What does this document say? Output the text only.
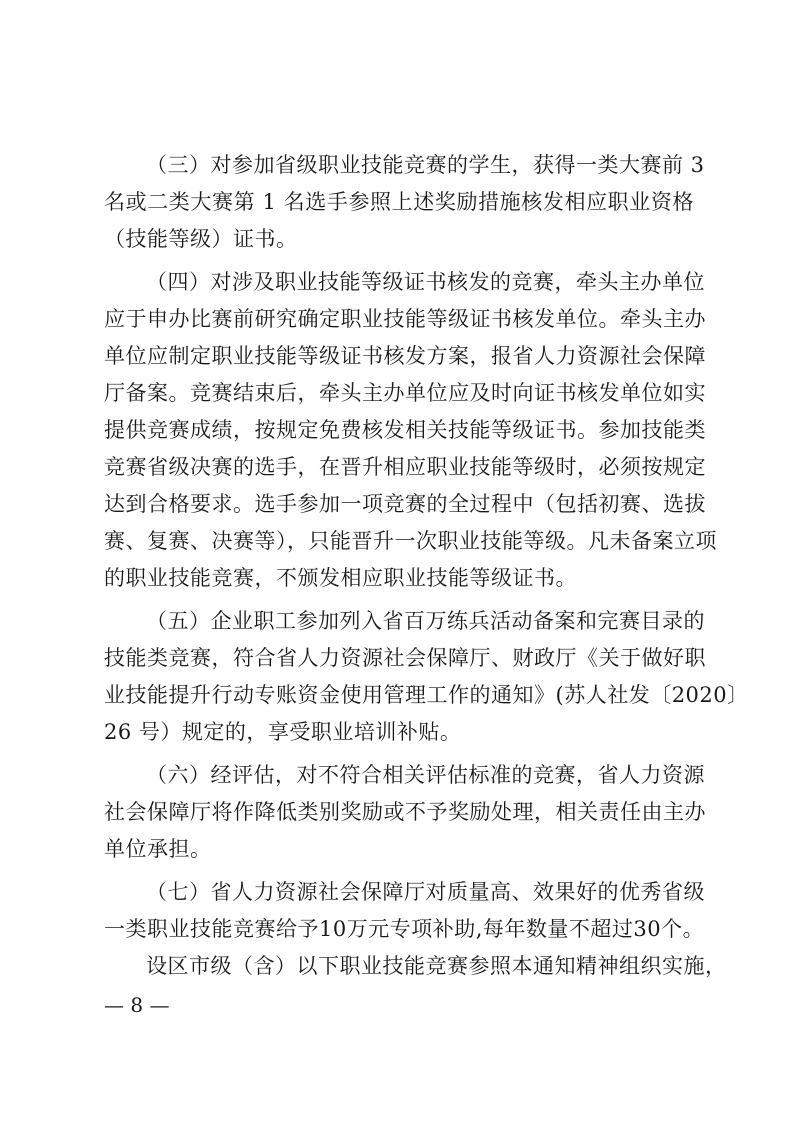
（三）对参加省级职业技能竞赛的学生，获得一类大赛前 3
名或二类大赛第 1 名选手参照上述奖励措施核发相应职业资格
（技能等级）证书。
（四）对涉及职业技能等级证书核发的竞赛，牵头主办单位
应于申办比赛前研究确定职业技能等级证书核发单位。牵头主办
单位应制定职业技能等级证书核发方案，报省人力资源社会保障
厅备案。竞赛结束后，牵头主办单位应及时向证书核发单位如实
提供竞赛成绩，按规定免费核发相关技能等级证书。参加技能类
竞赛省级决赛的选手，在晋升相应职业技能等级时，必须按规定
达到合格要求。选手参加一项竞赛的全过程中（包括初赛、选拔
赛、复赛、决赛等），只能晋升一次职业技能等级。凡未备案立项
的职业技能竞赛，不颁发相应职业技能等级证书。
（五）企业职工参加列入省百万练兵活动备案和完赛目录的
技能类竞赛，符合省人力资源社会保障厅、财政厅《关于做好职
业技能提升行动专账资金使用管理工作的通知》(苏人社发〔2020〕
26 号）规定的，享受职业培训补贴。
（六）经评估，对不符合相关评估标准的竞赛，省人力资源
社会保障厅将作降低类别奖励或不予奖励处理，相关责任由主办
单位承担。
（七）省人力资源社会保障厅对质量高、效果好的优秀省级
一类职业技能竞赛给予10万元专项补助,每年数量不超过30个。
设区市级（含）以下职业技能竞赛参照本通知精神组织实施，
— 8 —
